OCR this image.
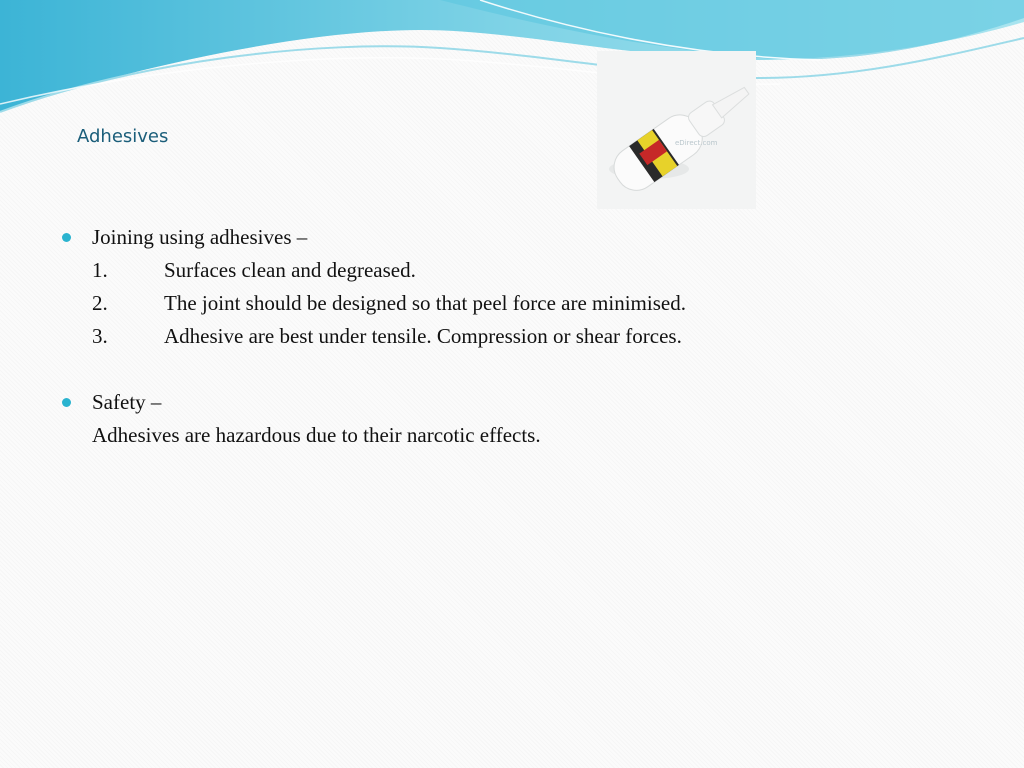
Adhesives	eDirect.com
Joining using adhesives –
1.	Surfaces clean and degreased.
2.	The joint should be designed so that peel force are minimised.
3.	Adhesive are best under tensile. Compression or shear forces.
Safety –
Adhesives are hazardous due to their narcotic effects.
